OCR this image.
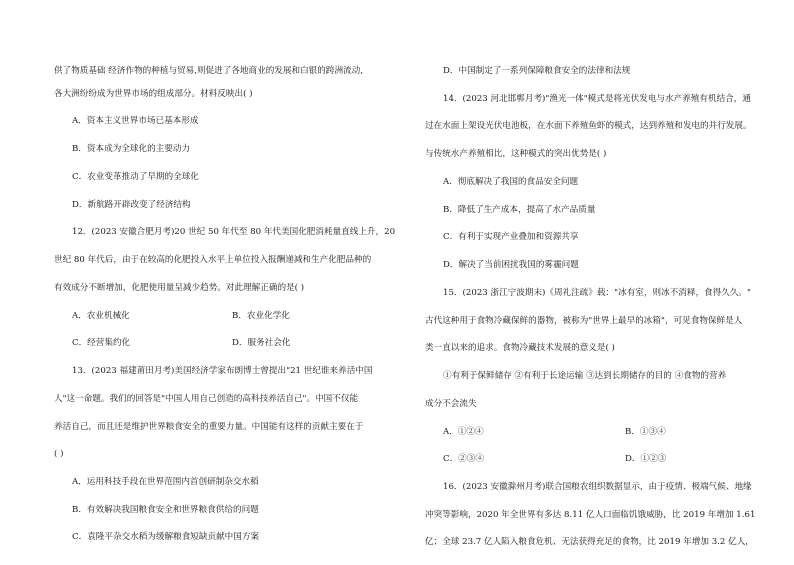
供了物质基础 经济作物的种植与贸易,则促进了各地商业的发展和白银的跨洲流动,
各大洲纷纷成为世界市场的组成部分。材料反映出( )
A．资本主义世界市场已基本形成
B．资本成为全球化的主要动力
C．农业变革推动了早期的全球化
D．新航路开辟改变了经济结构
12．(2023 安徽合肥月考)20 世纪 50 年代至 80 年代美国化肥消耗量直线上升，20
世纪 80 年代后，由于在较高的化肥投入水平上单位投入报酬递减和生产化肥品种的
有效成分不断增加，化肥使用量呈减少趋势。对此理解正确的是( )
A．农业机械化	B．农业化学化
C．经营集约化	D．服务社会化
13．(2023 福建莆田月考)美国经济学家布朗博士曾提出"21 世纪谁来养活中国
人"这一命题。我们的回答是"中国人用自己创造的高科技养活自己"。中国不仅能
养活自己，而且还是维护世界粮食安全的重要力量。中国能有这样的贡献主要在于
( )
A．运用科技手段在世界范围内首创研制杂交水稻
B．有效解决我国粮食安全和世界粮食供给的问题
C．袁隆平杂交水稻为缓解粮食短缺贡献中国方案
D．中国制定了一系列保障粮食安全的法律和法规
14．(2023 河北邯郸月考)"渔光一体"模式是将光伏发电与水产养殖有机结合，通
过在水面上架设光伏电池板，在水面下养殖鱼虾的模式，达到养殖和发电的并行发展。
与传统水产养殖相比，这种模式的突出优势是( )
A．彻底解决了我国的食品安全问题
B．降低了生产成本，提高了水产品质量
C．有利于实现产业叠加和资源共享
D．解决了当前困扰我国的雾霾问题
15．(2023 浙江宁波期末)《周礼注疏》载："冰有室，则冰不消释，食得久久。"
古代这种用于食物冷藏保鲜的器物，被称为"世界上最早的冰箱"，可见食物保鲜是人
类一直以来的追求。食物冷藏技术发展的意义是( )
①有利于保鲜储存 ②有利于长途运输 ③达到长期储存的目的 ④食物的营养
成分不会流失
A．①②④	B．①③④
C．②③④	D．①②③
16．(2023 安徽滁州月考)联合国粮农组织数据显示，由于疫情、极端气候、地缘
冲突等影响，2020 年全世界有多达 8.11 亿人口面临饥饿威胁，比 2019 年增加 1.61
亿；全球 23.7 亿人陷入粮食危机、无法获得充足的食物，比 2019 年增加 3.2 亿人，
